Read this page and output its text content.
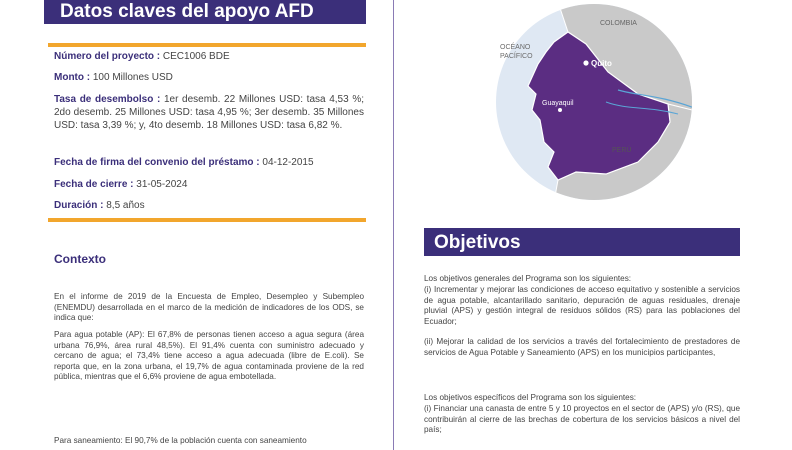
Datos claves del apoyo AFD
Número del proyecto : CEC1006 BDE
Monto : 100 Millones USD
Tasa de desembolso : 1er desemb. 22 Millones USD: tasa 4,53 %; 2do desemb. 25 Millones USD: tasa 4,95 %; 3er desemb. 35 Millones USD: tasa 3,39 %; y, 4to desemb. 18 Millones USD: tasa 6,82 %.
Fecha de firma del convenio del préstamo : 04-12-2015
Fecha de cierre : 31-05-2024
Duración : 8,5 años
Contexto

En el informe de 2019 de la Encuesta de Empleo, Desempleo y Subempleo (ENEMDU) desarrollada en el marco de la medición de indicadores de los ODS, se indica que:

Para agua potable (AP): El 67,8% de personas tienen acceso a agua segura (área urbana 76,9%, área rural 48,5%). El 91,4% cuenta con suministro adecuado y cercano de agua; el 73,4% tiene acceso a agua adecuada (libre de E.coli). Se reporta que, en la zona urbana, el 19,7% de agua contaminada proviene de la red pública, mientras que el 6,6% proviene de agua embotellada.

Para saneamiento: El 90,7% de la población cuenta con saneamiento

OCÉANO
PACÍFICO
COLOMBIA
Quito
Guayaquil
PERÚ
Objetivos

Los objetivos generales del Programa son los siguientes:

(i) Incrementar y mejorar las condiciones de acceso equitativo y sostenible a servicios de agua potable, alcantarillado sanitario, depuración de aguas residuales, drenaje pluvial (APS) y gestión integral de residuos sólidos (RS) para las poblaciones del Ecuador;

(ii) Mejorar la calidad de los servicios a través del fortalecimiento de prestadores de servicios de Agua Potable y Saneamiento (APS) en los municipios participantes,

Los objetivos específicos del Programa son los siguientes:

(i) Financiar una canasta de entre 5 y 10 proyectos en el sector de (APS) y/o (RS), que contribuirán al cierre de las brechas de cobertura de los servicios básicos a nivel del país;
